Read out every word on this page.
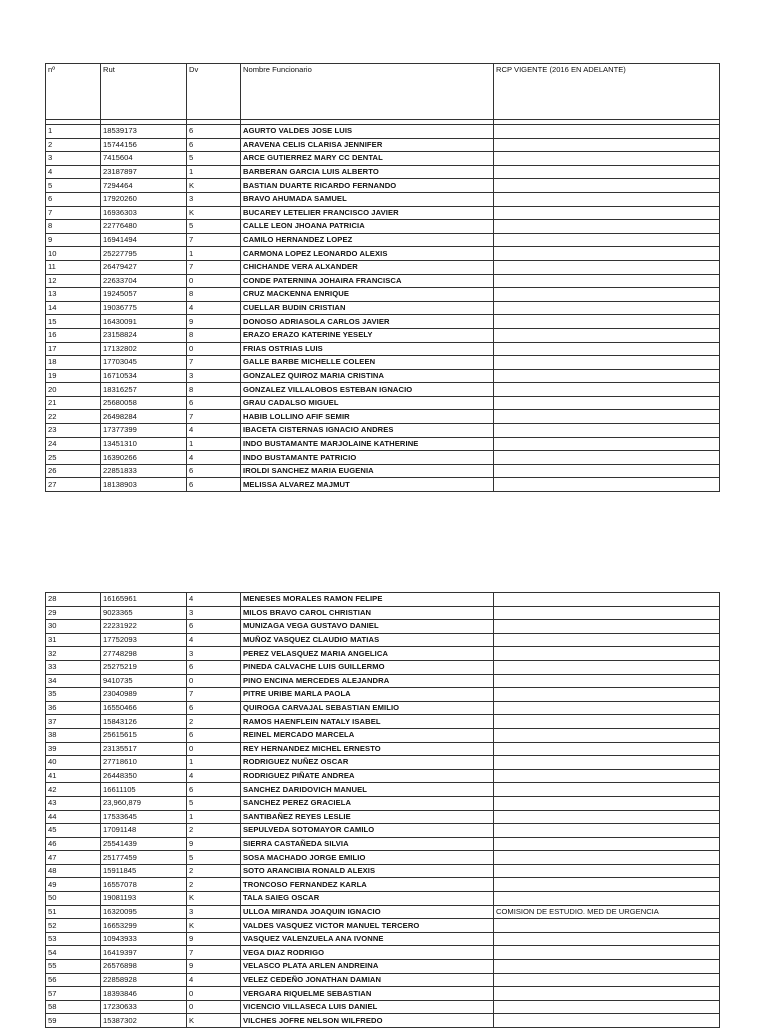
nº	Rut	Dv	Nombre Funcionario	RCP VIGENTE (2016 EN ADELANTE)

1	18539173	6	AGURTO VALDES JOSE LUIS	
2	15744156	6	ARAVENA CELIS CLARISA JENNIFER	
3	7415604	5	ARCE GUTIERREZ MARY CC DENTAL	
4	23187897	1	BARBERAN GARCIA LUIS ALBERTO	
5	7294464	K	BASTIAN DUARTE RICARDO FERNANDO	
6	17920260	3	BRAVO AHUMADA SAMUEL	
7	16936303	K	BUCAREY LETELIER FRANCISCO JAVIER	
8	22776480	5	CALLE LEON JHOANA PATRICIA	
9	16941494	7	CAMILO HERNANDEZ LOPEZ	
10	25227795	1	CARMONA LOPEZ LEONARDO ALEXIS	
11	26479427	7	CHICHANDE VERA ALXANDER	
12	22633704	0	CONDE PATERNINA JOHAIRA FRANCISCA	
13	19245057	8	CRUZ MACKENNA ENRIQUE	
14	19036775	4	CUELLAR BUDIN CRISTIAN	
15	16430091	9	DONOSO ADRIASOLA CARLOS JAVIER	
16	23158824	8	ERAZO ERAZO KATERINE YESELY	
17	17132802	0	FRIAS OSTRIAS LUIS	
18	17703045	7	GALLE BARBE MICHELLE COLEEN	
19	16710534	3	GONZALEZ QUIROZ MARIA CRISTINA	
20	18316257	8	GONZALEZ VILLALOBOS ESTEBAN IGNACIO	
21	25680058	6	GRAU CADALSO MIGUEL	
22	26498284	7	HABIB LOLLINO AFIF SEMIR	
23	17377399	4	IBACETA CISTERNAS IGNACIO ANDRES	
24	13451310	1	INDO BUSTAMANTE MARJOLAINE KATHERINE	
25	16390266	4	INDO BUSTAMANTE PATRICIO	
26	22851833	6	IROLDI SANCHEZ MARIA EUGENIA	
27	18138903	6	MELISSA ALVAREZ MAJMUT	
28	16165961	4	MENESES MORALES RAMON FELIPE	
29	9023365	3	MILOS BRAVO CAROL CHRISTIAN	
30	22231922	6	MUNIZAGA VEGA GUSTAVO DANIEL	
31	17752093	4	MUÑOZ VASQUEZ CLAUDIO MATIAS	
32	27748298	3	PEREZ VELASQUEZ MARIA ANGELICA	
33	25275219	6	PINEDA CALVACHE LUIS GUILLERMO	
34	9410735	0	PINO ENCINA MERCEDES ALEJANDRA	
35	23040989	7	PITRE URIBE MARLA PAOLA	
36	16550466	6	QUIROGA CARVAJAL SEBASTIAN EMILIO	
37	15843126	2	RAMOS HAENFLEIN NATALY ISABEL	
38	25615615	6	REINEL MERCADO MARCELA	
39	23135517	0	REY HERNANDEZ MICHEL ERNESTO	
40	27718610	1	RODRIGUEZ NUÑEZ OSCAR	
41	26448350	4	RODRIGUEZ PIÑATE ANDREA	
42	16611105	6	SANCHEZ DARIDOVICH MANUEL	
43	23,960,879	5	SANCHEZ PEREZ GRACIELA	
44	17533645	1	SANTIBAÑEZ REYES LESLIE	
45	17091148	2	SEPULVEDA SOTOMAYOR CAMILO	
46	25541439	9	SIERRA CASTAÑEDA SILVIA	
47	25177459	5	SOSA MACHADO JORGE EMILIO	
48	15911845	2	SOTO ARANCIBIA RONALD ALEXIS	
49	16557078	2	TRONCOSO FERNANDEZ KARLA	
50	19081193	K	TALA SAIEG OSCAR	
51	16320095	3	ULLOA MIRANDA JOAQUIN IGNACIO	COMISION DE ESTUDIO. MED DE URGENCIA
52	16653299	K	VALDES VASQUEZ VICTOR MANUEL TERCERO	
53	10943933	9	VASQUEZ VALENZUELA ANA IVONNE	
54	16419397	7	VEGA DIAZ RODRIGO	
55	26576898	9	VELASCO PLATA ARLEN ANDREINA	
56	22858928	4	VELEZ CEDEÑO JONATHAN DAMIAN	
57	18393846	0	VERGARA RIQUELME SEBASTIAN	
58	17230633	0	VICENCIO VILLASECA LUIS DANIEL	
59	15387302	K	VILCHES JOFRE NELSON WILFREDO	
